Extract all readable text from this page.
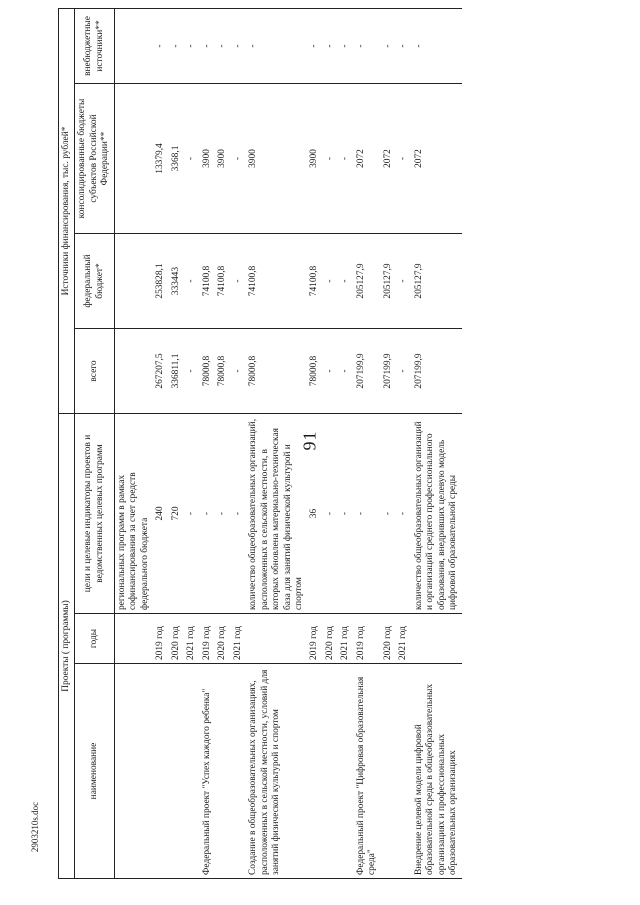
91
2903210s.doc
Проекты ( программы)			Источники финансирования, тыс. рублей*			
наименование	годы	цели и целевые индикаторы проектов и ведомственных целевых программ	всего	федеральный бюджет*	консолидированные бюджеты субъектов Российской Федерации**	внебюджетные источники**
		региональных программ в рамках софинансирования за счет средств федерального бюджета				
	2019 год	240	267207,5	253828,1	13379,4	-
	2020 год	720	336811,1	333443	3368,1	-
	2021 год	-	-	-	-	-
Федеральный проект "Успех каждого ребенка"	2019 год	-	78000,8	74100,8	3900	-
	2020 год	-	78000,8	74100,8	3900	-
	2021 год	-	-	-	-	-
Создание в общеобразовательных организациях, расположенных в сельской местности, условий для занятий физической культурой и спортом		количество общеобразовательных организаций, расположенных в сельской местности, в которых обновлена материально-техническая база для занятий физической культурой и спортом	78000,8	74100,8	3900	-
	2019 год	36	78000,8	74100,8	3900	-
	2020 год	-	-	-	-	-
	2021 год	-	-	-	-	-
Федеральный проект "Цифровая образовательная среда"	2019 год	-	207199,9	205127,9	2072	-
	2020 год	-	207199,9	205127,9	2072	-
	2021 год	-	-	-	-	-
Внедрение целевой модели цифровой образовательной среды в общеобразовательных организациях и профессиональных образовательных организациях		количество общеобразовательных организаций и организаций среднего профессионального образования, внедривших целевую модель цифровой образовательной среды	207199,9	205127,9	2072	-
